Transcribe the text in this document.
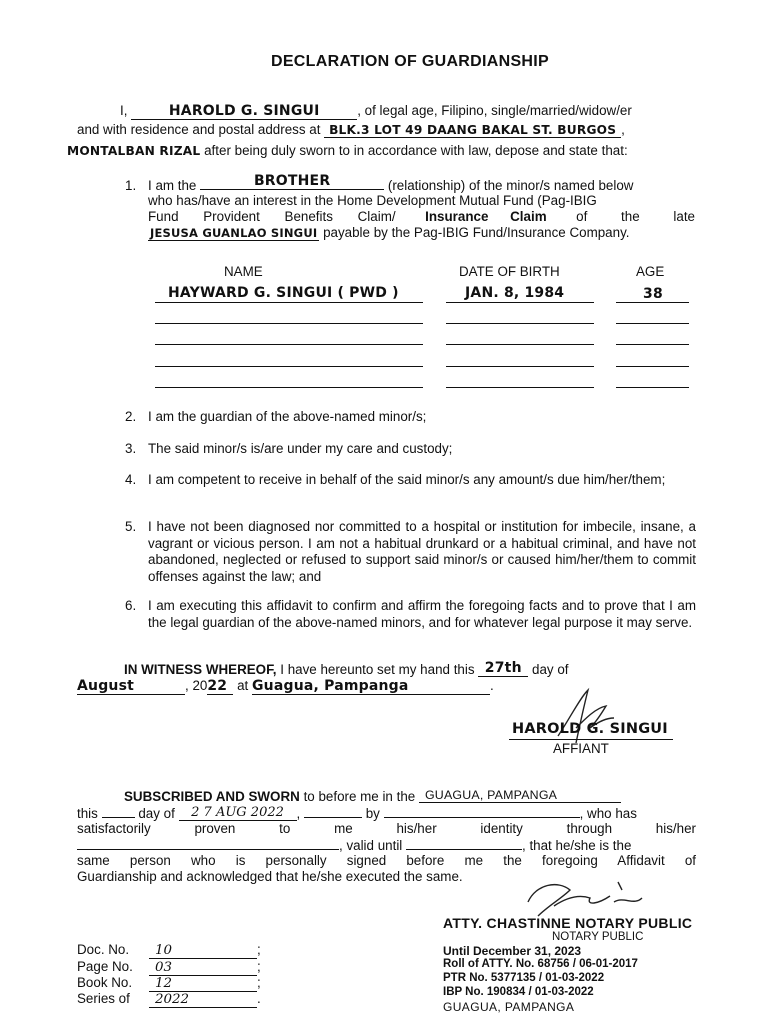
DECLARATION OF GUARDIANSHIP
I,	HAROLD G. SINGUI	, of legal age, Filipino, single/married/widow/er
and with residence and postal address at BLK.3 LOT 49 DAANG BAKAL ST. BURGOS ,
MONTALBAN RIZAL after being duly sworn to in accordance with law, depose and state that:
1. I am the	BROTHER	(relationship) of the minor/s named below
who has/have an interest in the Home Development Mutual Fund (Pag-IBIG
Fund Provident Benefits Claim/ Insurance Claim of the late
JESUSA GUANLAO SINGUI payable by the Pag-IBIG Fund/Insurance Company.
NAME	DATE OF BIRTH	AGE
HAYWARD G. SINGUI ( PWD )	JAN. 8, 1984	38
2. I am the guardian of the above-named minor/s;
3. The said minor/s is/are under my care and custody;
4. I am competent to receive in behalf of the said minor/s any amount/s due him/her/them;
5. I have not been diagnosed nor committed to a hospital or institution for imbecile, insane, a vagrant or vicious person. I am not a habitual drunkard or a habitual criminal, and have not abandoned, neglected or refused to support said minor/s or caused him/her/them to commit offenses against the law; and
6. I am executing this affidavit to confirm and affirm the foregoing facts and to prove that I am the legal guardian of the above-named minors, and for whatever legal purpose it may serve.
IN WITNESS WHEREOF, I have hereunto set my hand this 27th day of
August	, 2022 at Guagua, Pampanga	.
HAROLD G. SINGUI
AFFIANT
SUBSCRIBED AND SWORN to before me in the GUAGUA, PAMPANGA
this	day of 2 7 AUG 2022 ,	by	, who has
satisfactorily proven to me his/her identity through his/her
, valid until	, that he/she is the
same person who is personally signed before me the foregoing Affidavit of
Guardianship and acknowledged that he/she executed the same.
ATTY. CHASTINNE NOTARY PUBLIC
NOTARY PUBLIC
Until December 31, 2023
Roll of ATTY. No. 68756 / 06-01-2017
PTR No. 5377135 / 01-03-2022
IBP No. 190834 / 01-03-2022
GUAGUA, PAMPANGA
Doc. No. 10	;
Page No. 03	;
Book No. 12	;
Series of 2022	.
